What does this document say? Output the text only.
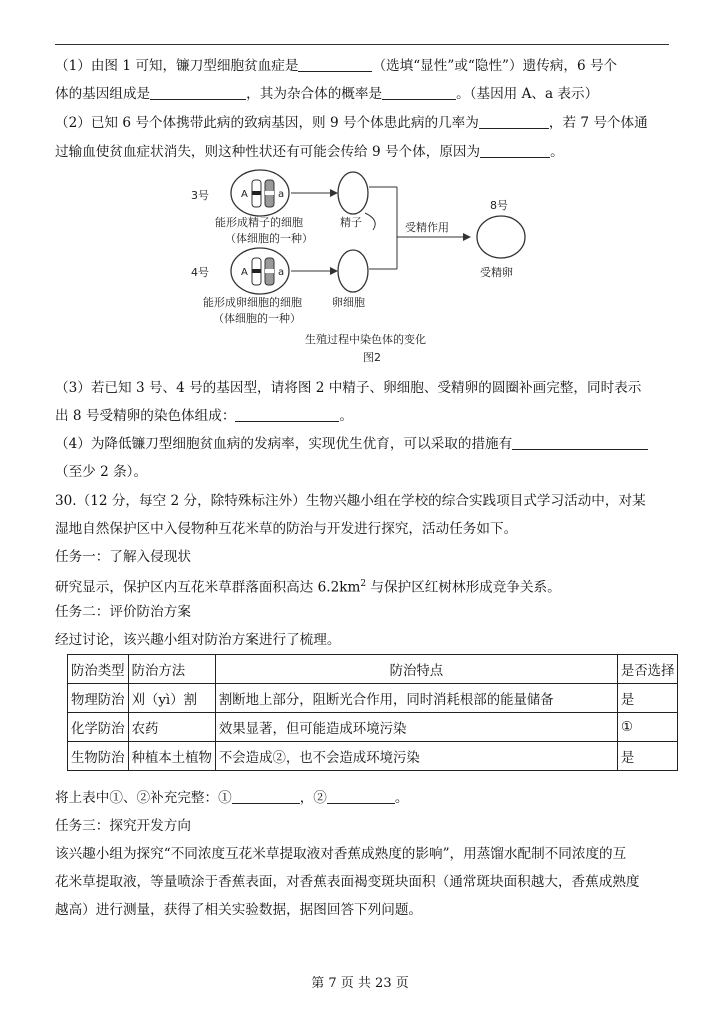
（1）由图 1 可知，镰刀型细胞贫血症是	（选填“显性”或“隐性”）遗传病，6 号个
体的基因组成是	，其为杂合体的概率是	。（基因用 A、a 表示）
（2）已知 6 号个体携带此病的致病基因，则 9 号个体患此病的几率为	，若 7 号个体通
过输血使贫血症状消失，则这种性状还有可能会传给 9 号个体，原因为	。
3号
4号
A	a
能形成精子的细胞	精子
（体细胞的一种）
A	a
能形成卵细胞的细胞	卵细胞
（体细胞的一种）
受精作用
8号
受精卵
生殖过程中染色体的变化
图2
（3）若已知 3 号、4 号的基因型，请将图 2 中精子、卵细胞、受精卵的圆圈补画完整，同时表示
出 8 号受精卵的染色体组成：	。
（4）为降低镰刀型细胞贫血病的发病率，实现优生优育，可以采取的措施有
（至少 2 条）。
30.（12 分，每空 2 分，除特殊标注外）生物兴趣小组在学校的综合实践项目式学习活动中，对某
湿地自然保护区中入侵物种互花米草的防治与开发进行探究，活动任务如下。
任务一：了解入侵现状
研究显示，保护区内互花米草群落面积高达 $6.2km^2$ 与保护区红树林形成竞争关系。
任务二：评价防治方案
经过讨论，该兴趣小组对防治方案进行了梳理。
防治类型	防治方法	防治特点	是否选择
物理防治	刈（yì）割	割断地上部分，阻断光合作用，同时消耗根部的能量储备	是
化学防治	农药	效果显著，但可能造成环境污染	①
生物防治	种植本土植物	不会造成②，也不会造成环境污染	是
将上表中①、②补充完整：①	，②	。
任务三：探究开发方向
该兴趣小组为探究“不同浓度互花米草提取液对香蕉成熟度的影响”，用蒸馏水配制不同浓度的互
花米草提取液，等量喷涂于香蕉表面，对香蕉表面褐变斑块面积（通常斑块面积越大，香蕉成熟度
越高）进行测量，获得了相关实验数据，据图回答下列问题。
第 7 页 共 23 页
